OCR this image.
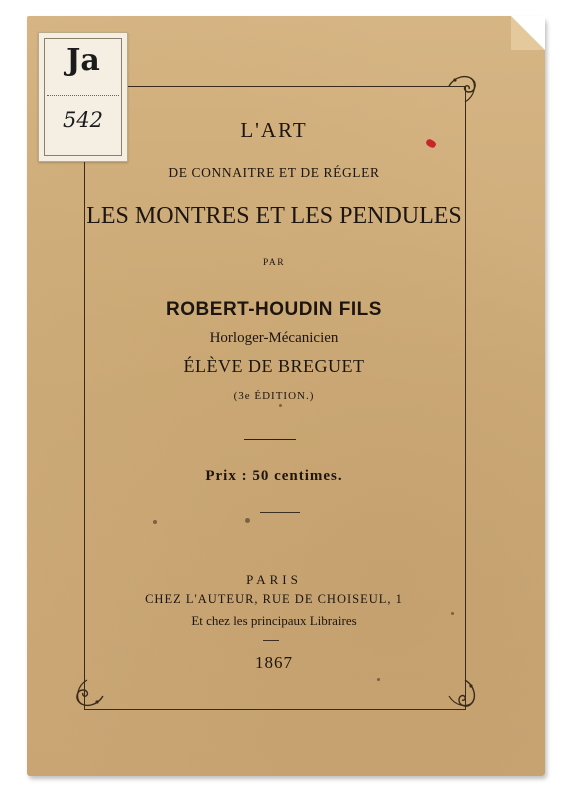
Ja
542	L'ART
DE CONNAITRE ET DE RÉGLER
LES MONTRES ET LES PENDULES
PAR
ROBERT-HOUDIN FILS
Horloger-Mécanicien
ÉLÈVE DE BREGUET
(3e ÉDITION.)
Prix : 50 centimes.
PARIS
CHEZ L'AUTEUR, RUE DE CHOISEUL, 1
Et chez les principaux Libraires
1867
